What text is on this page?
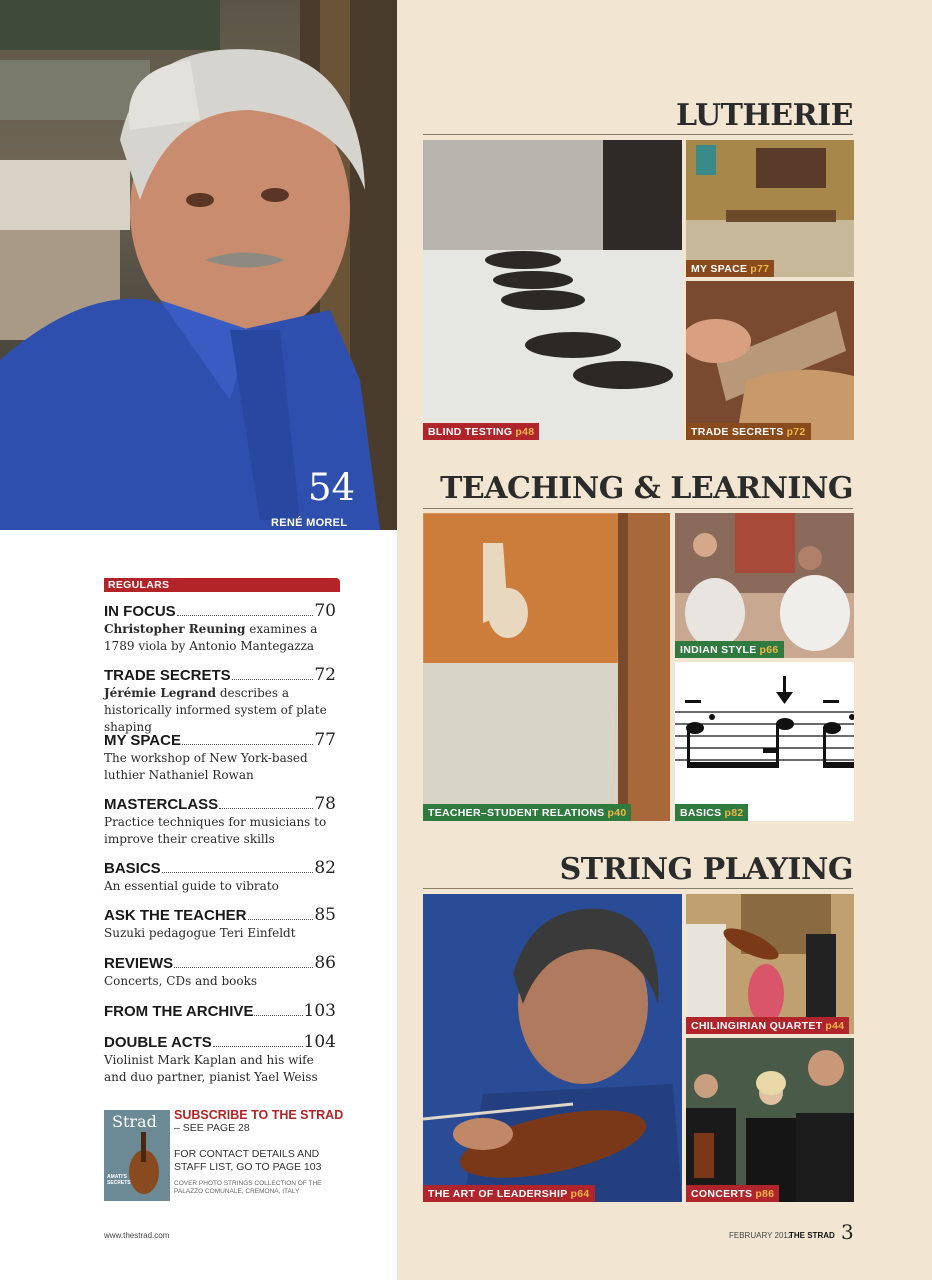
54
RENÉ MOREL
LUTHERIE
BLIND TESTING p48
MY SPACE p77
TRADE SECRETS p72
TEACHING & LEARNING
TEACHER–STUDENT RELATIONS p40
INDIAN STYLE p66
BASICS p82
STRING PLAYING
THE ART OF LEADERSHIP p64
CHILINGIRIAN QUARTET p44
CONCERTS p86
REGULARS
IN FOCUS	70
Christopher Reuning examines a 1789 viola by Antonio Mantegazza
TRADE SECRETS	72
Jérémie Legrand describes a historically informed system of plate shaping
MY SPACE	77
The workshop of New York-based luthier Nathaniel Rowan
MASTERCLASS	78
Practice techniques for musicians to improve their creative skills
BASICS	82
An essential guide to vibrato
ASK THE TEACHER	85
Suzuki pedagogue Teri Einfeldt
REVIEWS	86
Concerts, CDs and books
FROM THE ARCHIVE	103
DOUBLE ACTS	104
Violinist Mark Kaplan and his wife and duo partner, pianist Yael Weiss
Strad
AMATI'S SECRETS
SUBSCRIBE TO THE STRAD
– SEE PAGE 28
FOR CONTACT DETAILS AND STAFF LIST, GO TO PAGE 103
COVER PHOTO STRINGS COLLECTION OF THE PALAZZO COMUNALE, CREMONA, ITALY
www.thestrad.com	FEBRUARY 2012
THE STRAD 3
